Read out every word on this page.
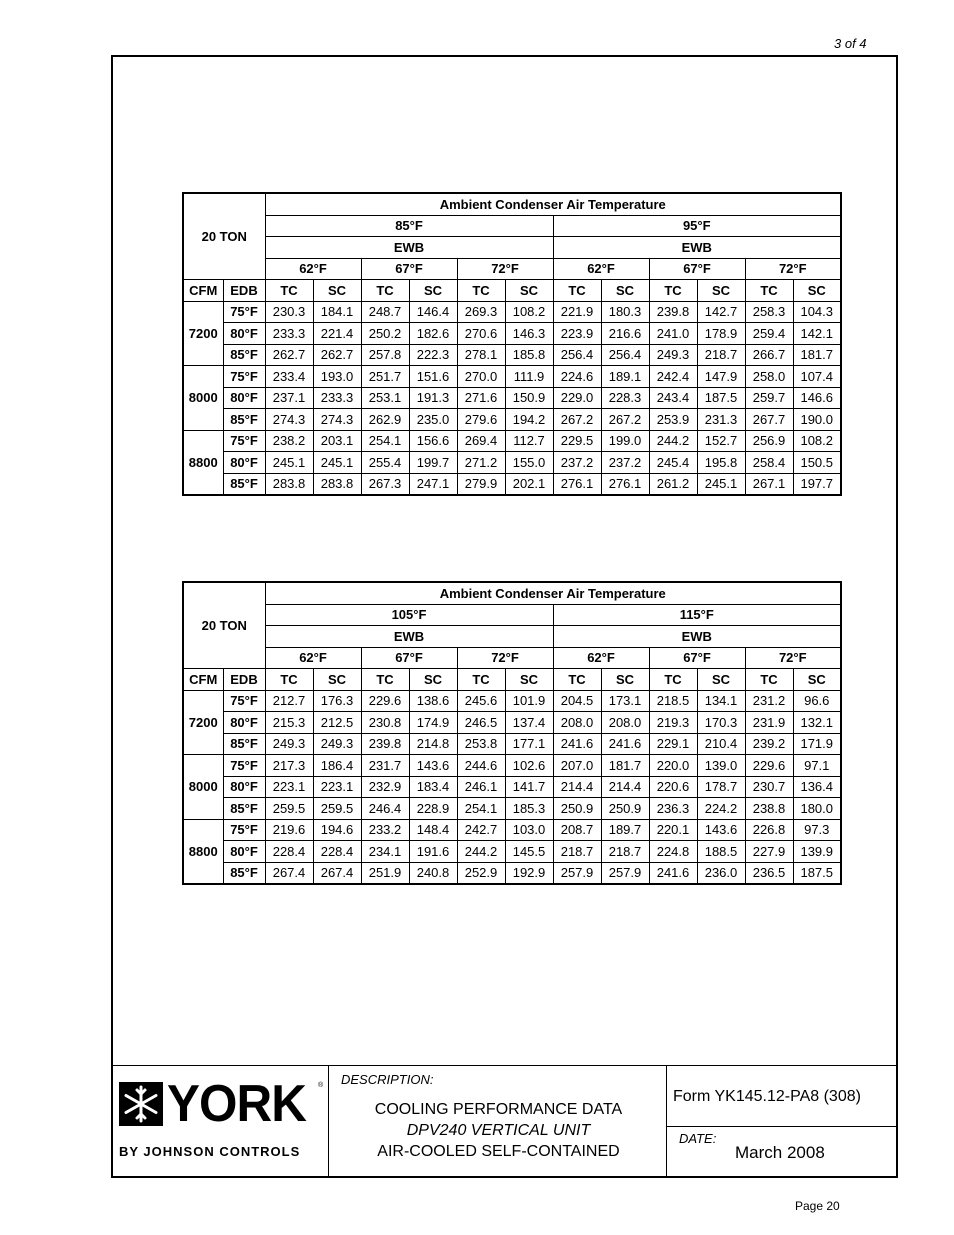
3 of 4
20 TON		Ambient Condenser Air Temperature											
		85°F						95°F					
		EWB						EWB					
		62°F		67°F		72°F		62°F		67°F		72°F	
CFM	EDB	TC	SC	TC	SC	TC	SC	TC	SC	TC	SC	TC	SC
7200	75°F	230.3	184.1	248.7	146.4	269.3	108.2	221.9	180.3	239.8	142.7	258.3	104.3
	80°F	233.3	221.4	250.2	182.6	270.6	146.3	223.9	216.6	241.0	178.9	259.4	142.1
	85°F	262.7	262.7	257.8	222.3	278.1	185.8	256.4	256.4	249.3	218.7	266.7	181.7
8000	75°F	233.4	193.0	251.7	151.6	270.0	111.9	224.6	189.1	242.4	147.9	258.0	107.4
	80°F	237.1	233.3	253.1	191.3	271.6	150.9	229.0	228.3	243.4	187.5	259.7	146.6
	85°F	274.3	274.3	262.9	235.0	279.6	194.2	267.2	267.2	253.9	231.3	267.7	190.0
8800	75°F	238.2	203.1	254.1	156.6	269.4	112.7	229.5	199.0	244.2	152.7	256.9	108.2
	80°F	245.1	245.1	255.4	199.7	271.2	155.0	237.2	237.2	245.4	195.8	258.4	150.5
	85°F	283.8	283.8	267.3	247.1	279.9	202.1	276.1	276.1	261.2	245.1	267.1	197.7
20 TON		Ambient Condenser Air Temperature											
		105°F						115°F					
		EWB						EWB					
		62°F		67°F		72°F		62°F		67°F		72°F	
CFM	EDB	TC	SC	TC	SC	TC	SC	TC	SC	TC	SC	TC	SC
7200	75°F	212.7	176.3	229.6	138.6	245.6	101.9	204.5	173.1	218.5	134.1	231.2	96.6
	80°F	215.3	212.5	230.8	174.9	246.5	137.4	208.0	208.0	219.3	170.3	231.9	132.1
	85°F	249.3	249.3	239.8	214.8	253.8	177.1	241.6	241.6	229.1	210.4	239.2	171.9
8000	75°F	217.3	186.4	231.7	143.6	244.6	102.6	207.0	181.7	220.0	139.0	229.6	97.1
	80°F	223.1	223.1	232.9	183.4	246.1	141.7	214.4	214.4	220.6	178.7	230.7	136.4
	85°F	259.5	259.5	246.4	228.9	254.1	185.3	250.9	250.9	236.3	224.2	238.8	180.0
8800	75°F	219.6	194.6	233.2	148.4	242.7	103.0	208.7	189.7	220.1	143.6	226.8	97.3
	80°F	228.4	228.4	234.1	191.6	244.2	145.5	218.7	218.7	224.8	188.5	227.9	139.9
	85°F	267.4	267.4	251.9	240.8	252.9	192.9	257.9	257.9	241.6	236.0	236.5	187.5
YORK ®
BY JOHNSON CONTROLS
DESCRIPTION:
COOLING PERFORMANCE DATA
DPV240 VERTICAL UNIT
AIR-COOLED SELF-CONTAINED
Form YK145.12-PA8 (308)
DATE:
March 2008
Page 20
